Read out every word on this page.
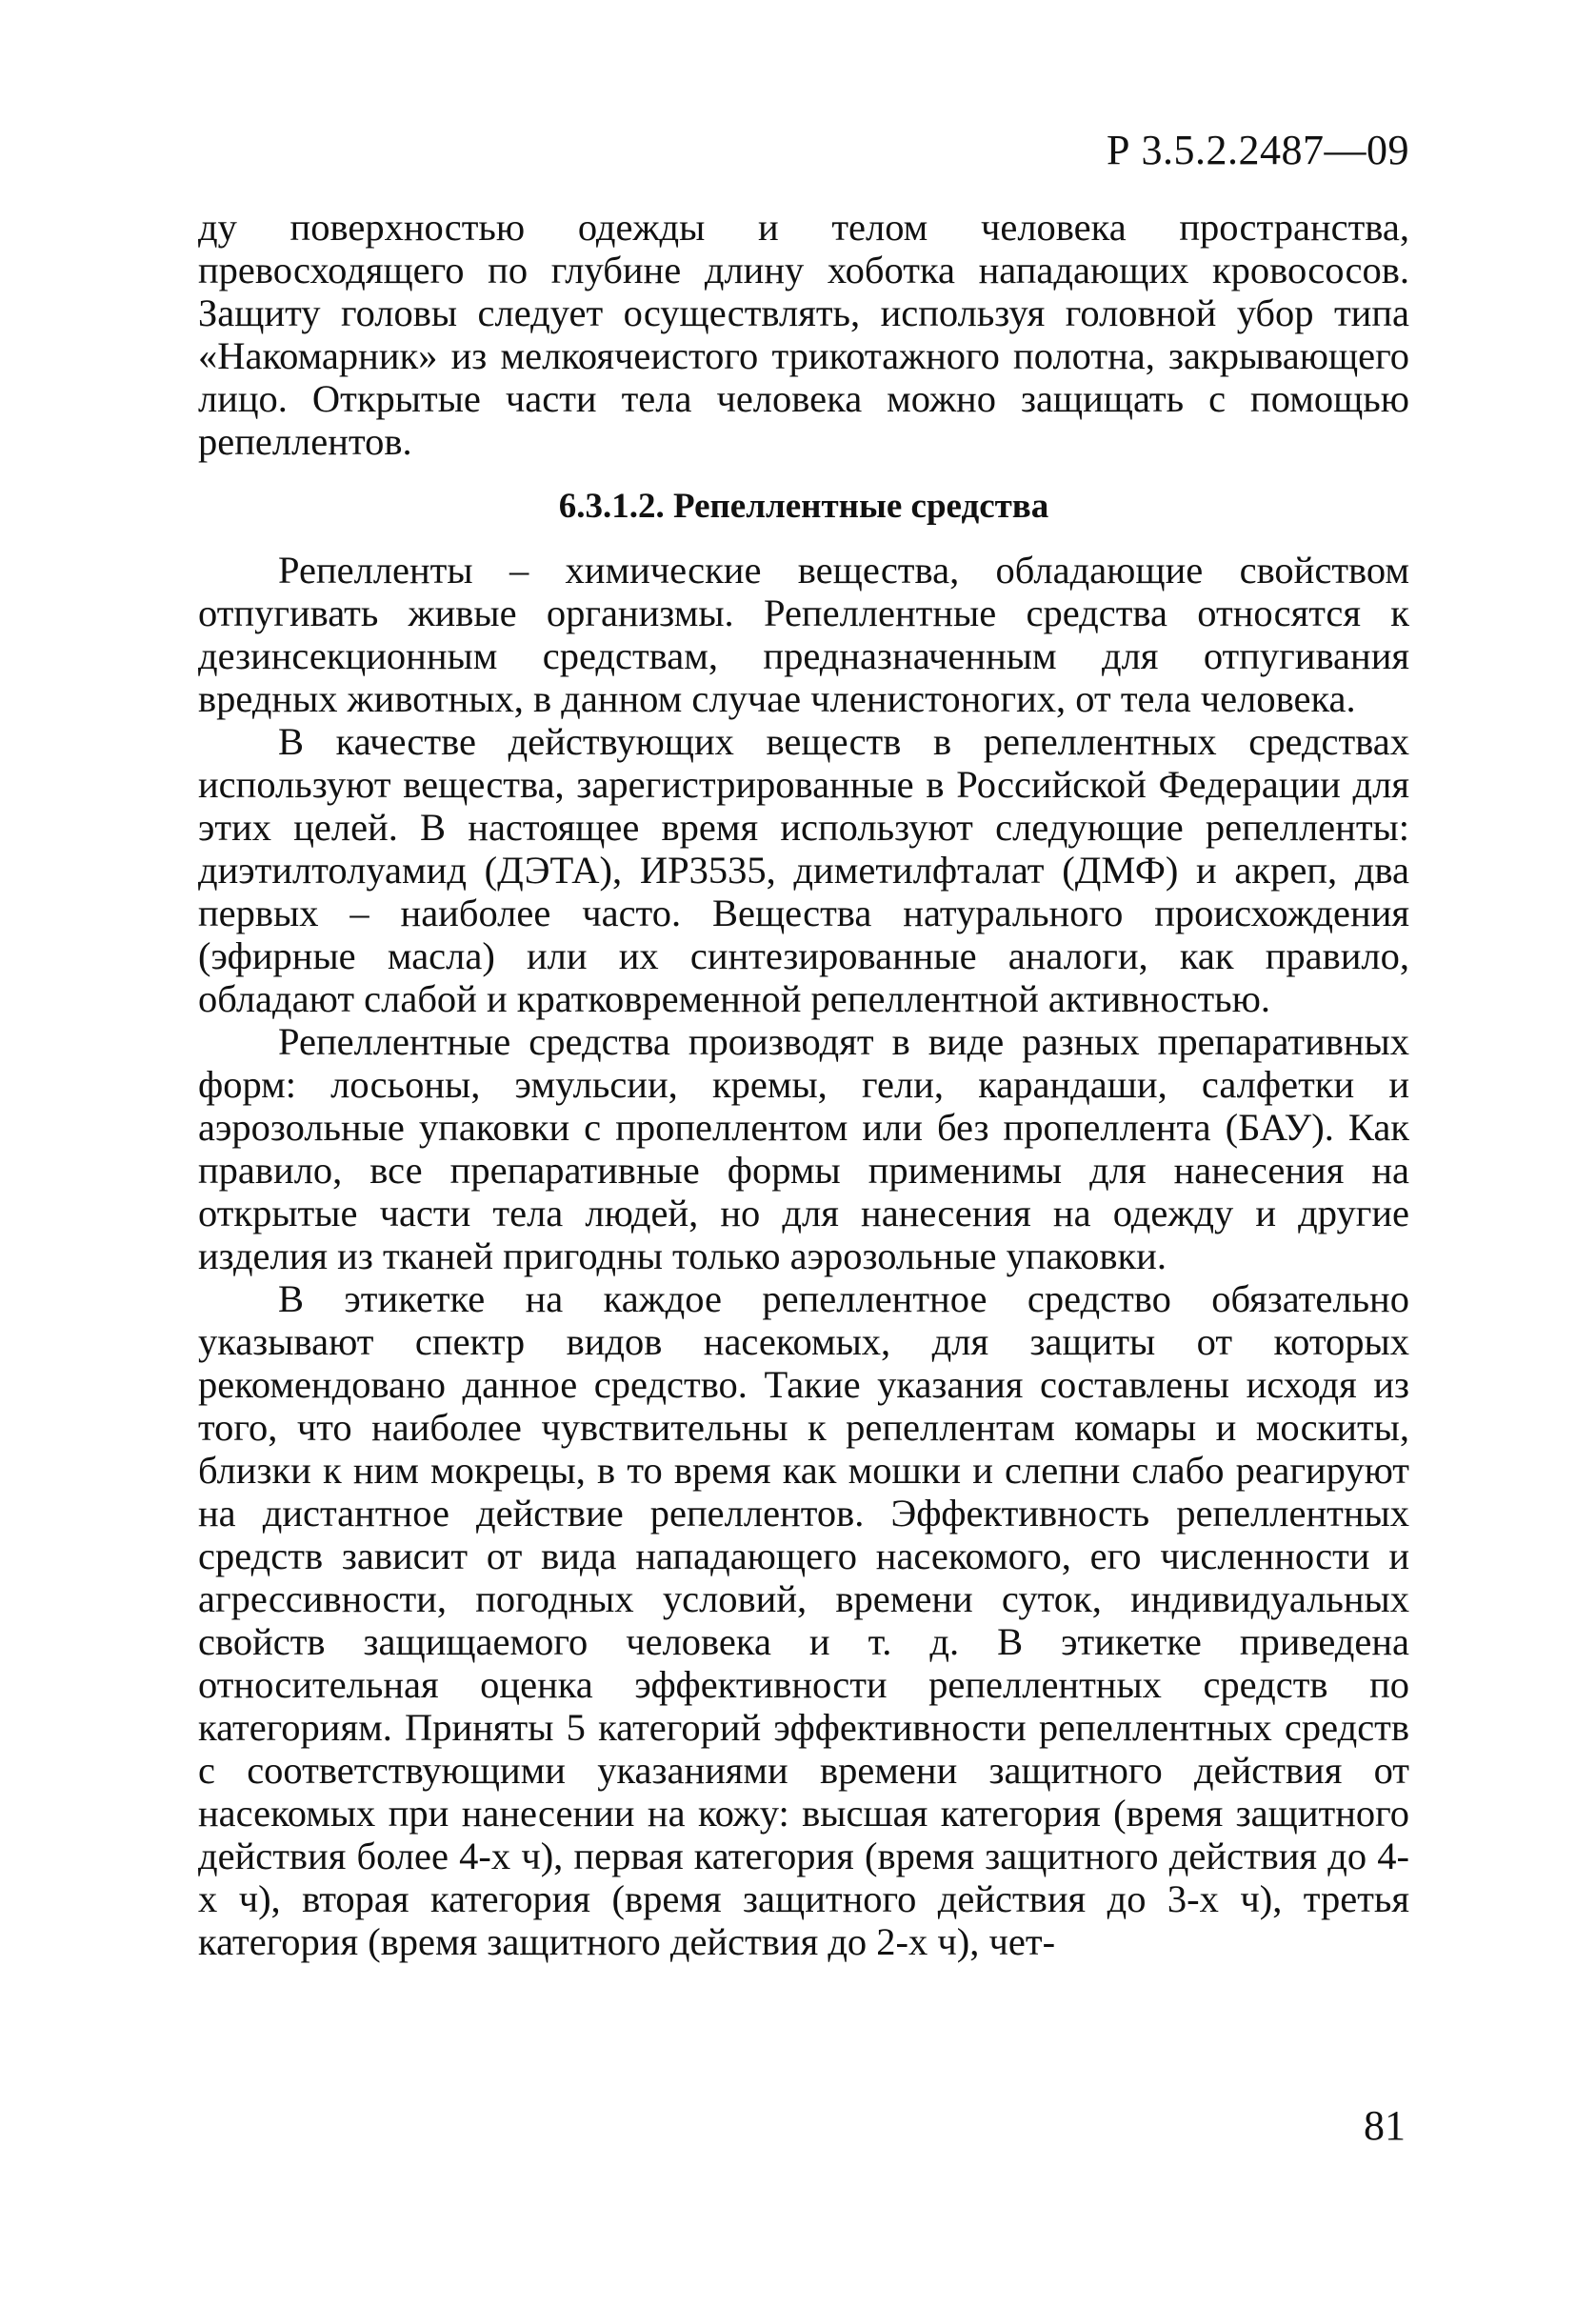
Р 3.5.2.2487—09

ду поверхностью одежды и телом человека пространства, превосходящего по глубине длину хоботка нападающих кровососов. Защиту головы следует осуществлять, используя головной убор типа «Накомарник» из мелкоячеистого трикотажного полотна, закрывающего лицо. Открытые части тела человека можно защищать с помощью репеллентов.

6.3.1.2. Репеллентные средства

Репелленты – химические вещества, обладающие свойством отпугивать живые организмы. Репеллентные средства относятся к дезинсекционным средствам, предназначенным для отпугивания вредных животных, в данном случае членистоногих, от тела человека.

В качестве действующих веществ в репеллентных средствах используют вещества, зарегистрированные в Российской Федерации для этих целей. В настоящее время используют следующие репелленты: диэтилтолуамид (ДЭТА), ИР3535, диметилфталат (ДМФ) и акреп, два первых – наиболее часто. Вещества натурального происхождения (эфирные масла) или их синтезированные аналоги, как правило, обладают слабой и кратковременной репеллентной активностью.

Репеллентные средства производят в виде разных препаративных форм: лосьоны, эмульсии, кремы, гели, карандаши, салфетки и аэрозольные упаковки с пропеллентом или без пропеллента (БАУ). Как правило, все препаративные формы применимы для нанесения на открытые части тела людей, но для нанесения на одежду и другие изделия из тканей пригодны только аэрозольные упаковки.

В этикетке на каждое репеллентное средство обязательно указывают спектр видов насекомых, для защиты от которых рекомендовано данное средство. Такие указания составлены исходя из того, что наиболее чувствительны к репеллентам комары и москиты, близки к ним мокрецы, в то время как мошки и слепни слабо реагируют на дистантное действие репеллентов. Эффективность репеллентных средств зависит от вида нападающего насекомого, его численности и агрессивности, погодных условий, времени суток, индивидуальных свойств защищаемого человека и т. д. В этикетке приведена относительная оценка эффективности репеллентных средств по категориям. Приняты 5 категорий эффективности репеллентных средств с соответствующими указаниями времени защитного действия от насекомых при нанесении на кожу: высшая категория (время защитного действия более 4-х ч), первая категория (время защитного действия до 4-х ч), вторая категория (время защитного действия до 3-х ч), третья категория (время защитного действия до 2-х ч), чет-

81
